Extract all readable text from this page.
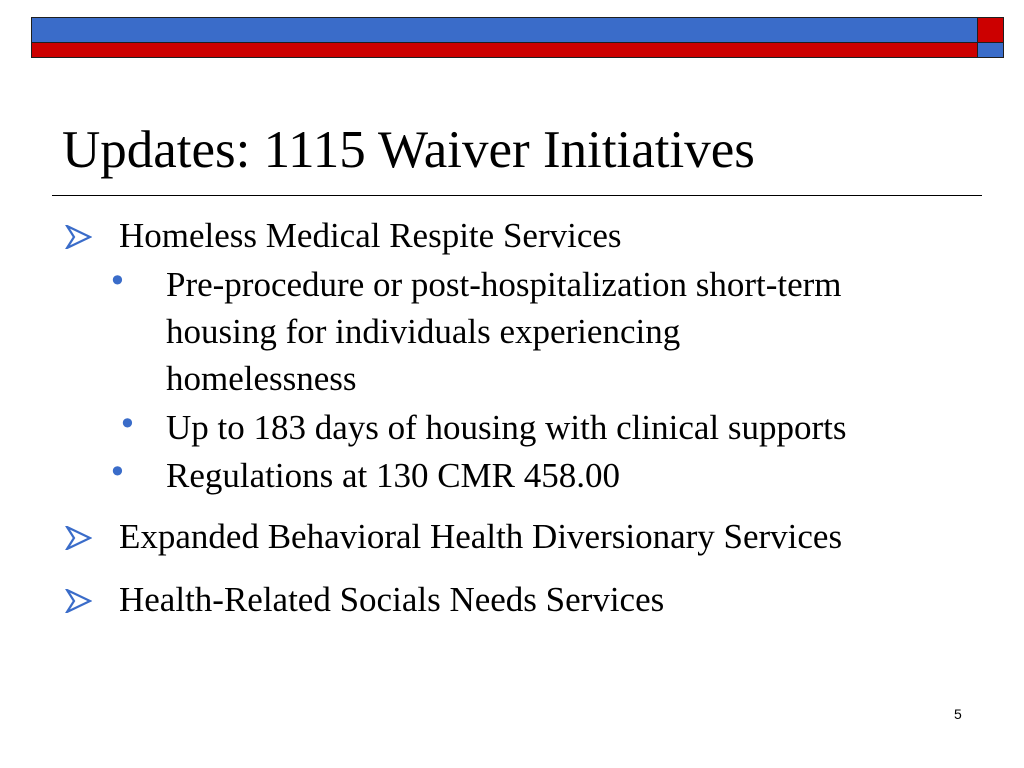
Updates: 1115 Waiver Initiatives
Homeless Medical Respite Services
• Pre-procedure or post-hospitalization short-term
housing for individuals experiencing
homelessness
• Up to 183 days of housing with clinical supports
• Regulations at 130 CMR 458.00
Expanded Behavioral Health Diversionary Services
Health-Related Socials Needs Services
5
